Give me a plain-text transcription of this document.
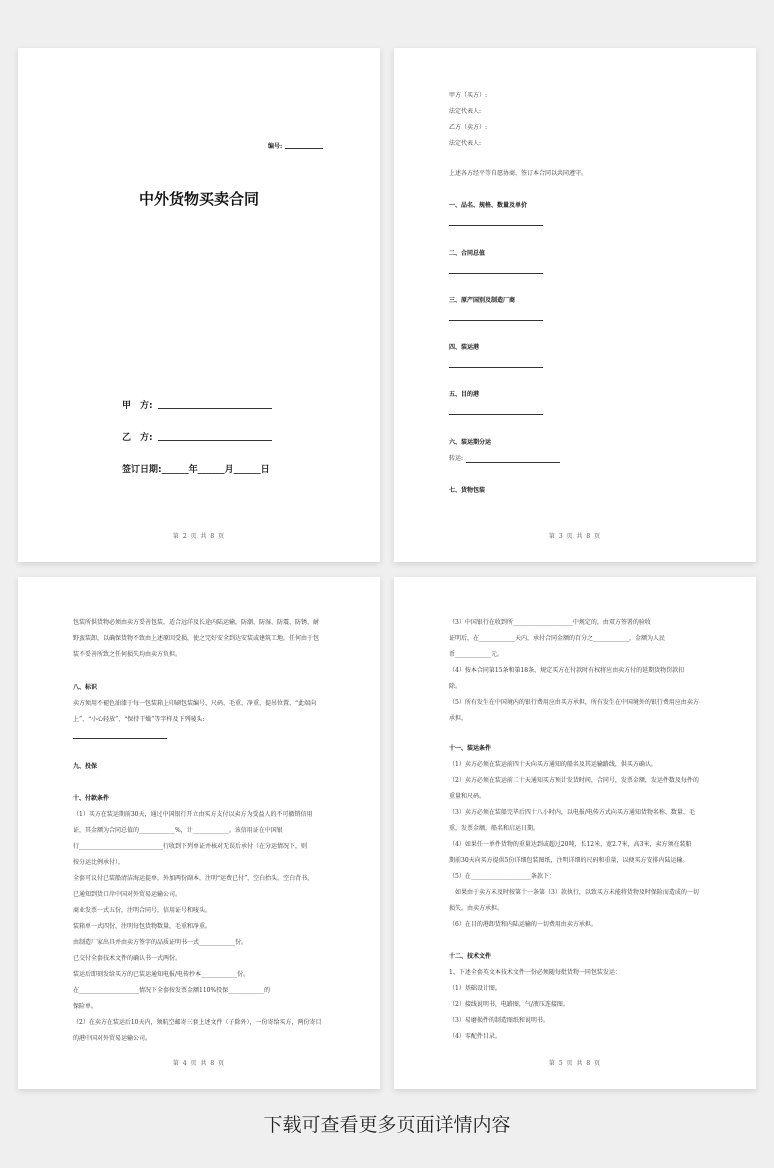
编号:
中外货物买卖合同
甲　方:
乙　方:
签订日期:______年______月______日

第 2 页 共 8 页
甲方（买方）:
法定代表人:
乙方（卖方）:
法定代表人:
上述各方经平等自愿协商，签订本合同以共同遵守。
一、品名、规格、数量及单价
二、合同总值
三、原产国别及制造厂商
四、装运港
五、目的港
六、装运期分运
转运:
七、货物包装
第 3 页 共 8 页
包装所供货物必须由卖方妥善包装，适合远洋及长途内陆运输，防潮、防湿、防震、防锈、耐
野蛮装卸，以确保货物不致由上述原因受损，使之完好安全到达安装或建筑工地。任何由于包
装不妥善所致之任何损失均由卖方负担。
八、标识
卖方须用不褪色油漆于每一包装箱上印刷包装编号、尺码、毛重、净重、提吊位置、“此端向
上”、“小心轻放”、“保持干燥”等字样及下列唛头:
九、投保
十、付款条件
（1）买方在装运期前30天，通过中国银行开立由买方支付以卖方为受益人的不可撤销信用
证，其金额为合同总值的____________%，计____________。该信用证在中国银
行____________________________行收到下列单证并核对无误后承付（在分运情况下，则
按分运比例承付）。
全套可议付已装船清洁海运提单，外加两份副本，注明“运费已付”，空白抬头，空白背书，
已通知到货口岸中国对外贸易运输公司。
商业发票一式五份，注明合同号，信用证号和唛头。
装箱单一式四份，注明每包货物数量，毛重和净重。
由制造厂家出具并由卖方签字的品质证明书一式____________份。
已交付全套技术文件的确认书一式两份。
装运后即刻发给买方的已装运通知电报/电传抄本____________份。
在____________________情况下全套按发票金额110%投保____________的
保险单。
（2）在卖方在装运后10天内，须航空邮寄三套上述文件（子除外），一份寄给买方，两份寄目
的港中国对外贸易运输公司。
第 4 页 共 8 页
（3）中国银行在收到所____________________中规定的，由双方签署的验收
证明后，在____________天内，承付合同金额的百分之____________，金额为人民
币____________元。
（4）按本合同第15条和第18条，规定买方在付款时有权将应由卖方付的延期货物罚款扣
除。
（5）所有发生在中国境内的银行费用应由买方承担，所有发生在中国境外的银行费用应由卖方
承担。
十一、装运条件
（1）卖方必须在装运前四十天向买方通知的船名及其运输路线，供买方确认。
（2）卖方必须在装运前二十天通知买方预计发货时间，合同号，发票金额，发运件数及每件的
重量和尺码。
（3）卖方必须在装船完毕后四十八小时内，以电报/电传方式向买方通知货物名称、数量、毛
重，发票金额，船名和启运日期。
（4）如果任一单件货物的重量达到或超过20吨，长12米，宽2.7米，高3米，卖方须在装船
期前30天向买方提供5份详细包装图纸，注明详细的尺码和重量，以便买方安排内陆运输。
（5）在____________________条款下：
如果由于卖方未及时按第十一条第（3）款执行，以致买方未能将货物及时保险而造成的一切
损失，由卖方承担。
（6）在目的港卸货和内陆运输的一切费用由卖方承担。
十二、技术文件
1、下述全套英文本技术文件一份必须随每批货物一同包装发运：
（1）基础设计图。
（2）接线说明书，电路图，气/液压连接图。
（3）易磨损件的制造图纸和说明书。
（4）零配件目录。
第 5 页 共 8 页
下载可查看更多页面详情内容
